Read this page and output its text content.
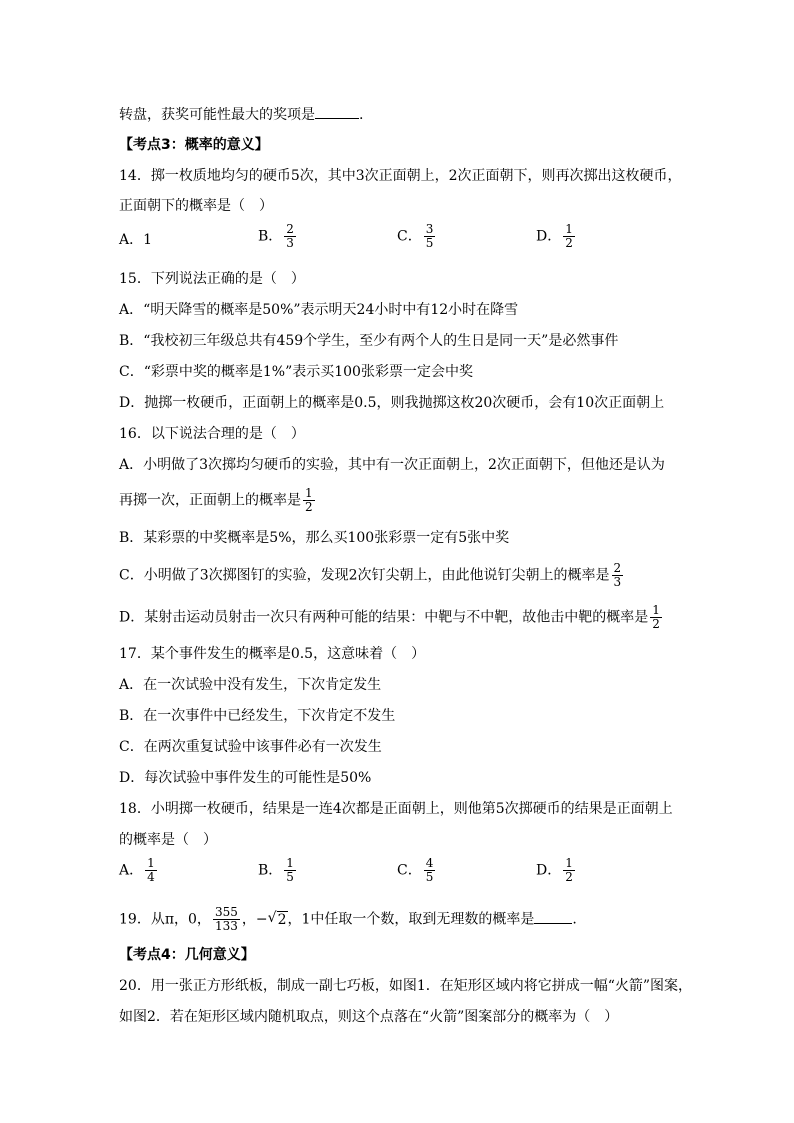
转盘，获奖可能性最大的奖项是	.
【考点3：概率的意义】
14．掷一枚质地均匀的硬币5次，其中3次正面朝上，2次正面朝下，则再次掷出这枚硬币，
正面朝下的概率是（　）
A．1	B． $\frac{2}{3}$	C． $\frac{3}{5}$	D． $\frac{1}{2}$
15．下列说法正确的是（　）
A．“明天降雪的概率是50%”表示明天24小时中有12小时在降雪
B．“我校初三年级总共有459个学生，至少有两个人的生日是同一天”是必然事件
C．“彩票中奖的概率是1%”表示买100张彩票一定会中奖
D．抛掷一枚硬币，正面朝上的概率是0.5，则我抛掷这枚20次硬币，会有10次正面朝上
16．以下说法合理的是（　）
A．小明做了3次掷均匀硬币的实验，其中有一次正面朝上，2次正面朝下，但他还是认为
再掷一次，正面朝上的概率是 $\frac{1}{2}$
B．某彩票的中奖概率是5%，那么买100张彩票一定有5张中奖
C．小明做了3次掷图钉的实验，发现2次钉尖朝上，由此他说钉尖朝上的概率是 $\frac{2}{3}$
D．某射击运动员射击一次只有两种可能的结果：中靶与不中靶，故他击中靶的概率是 $\frac{1}{2}$
17．某个事件发生的概率是0.5，这意味着（　）
A．在一次试验中没有发生，下次肯定发生
B．在一次事件中已经发生，下次肯定不发生
C．在两次重复试验中该事件必有一次发生
D．每次试验中事件发生的可能性是50%
18．小明掷一枚硬币，结果是一连4次都是正面朝上，则他第5次掷硬币的结果是正面朝上
的概率是（　）
A． $\frac{1}{4}$	B． $\frac{1}{5}$	C． $\frac{4}{5}$	D． $\frac{1}{2}$
19．从π，0， $\frac{355}{133}$ ，− √ 2，1中任取一个数，取到无理数的概率是	.
【考点4：几何意义】
20．用一张正方形纸板，制成一副七巧板，如图1．在矩形区域内将它拼成一幅“火箭”图案，
如图2．若在矩形区域内随机取点，则这个点落在“火箭”图案部分的概率为（　）
